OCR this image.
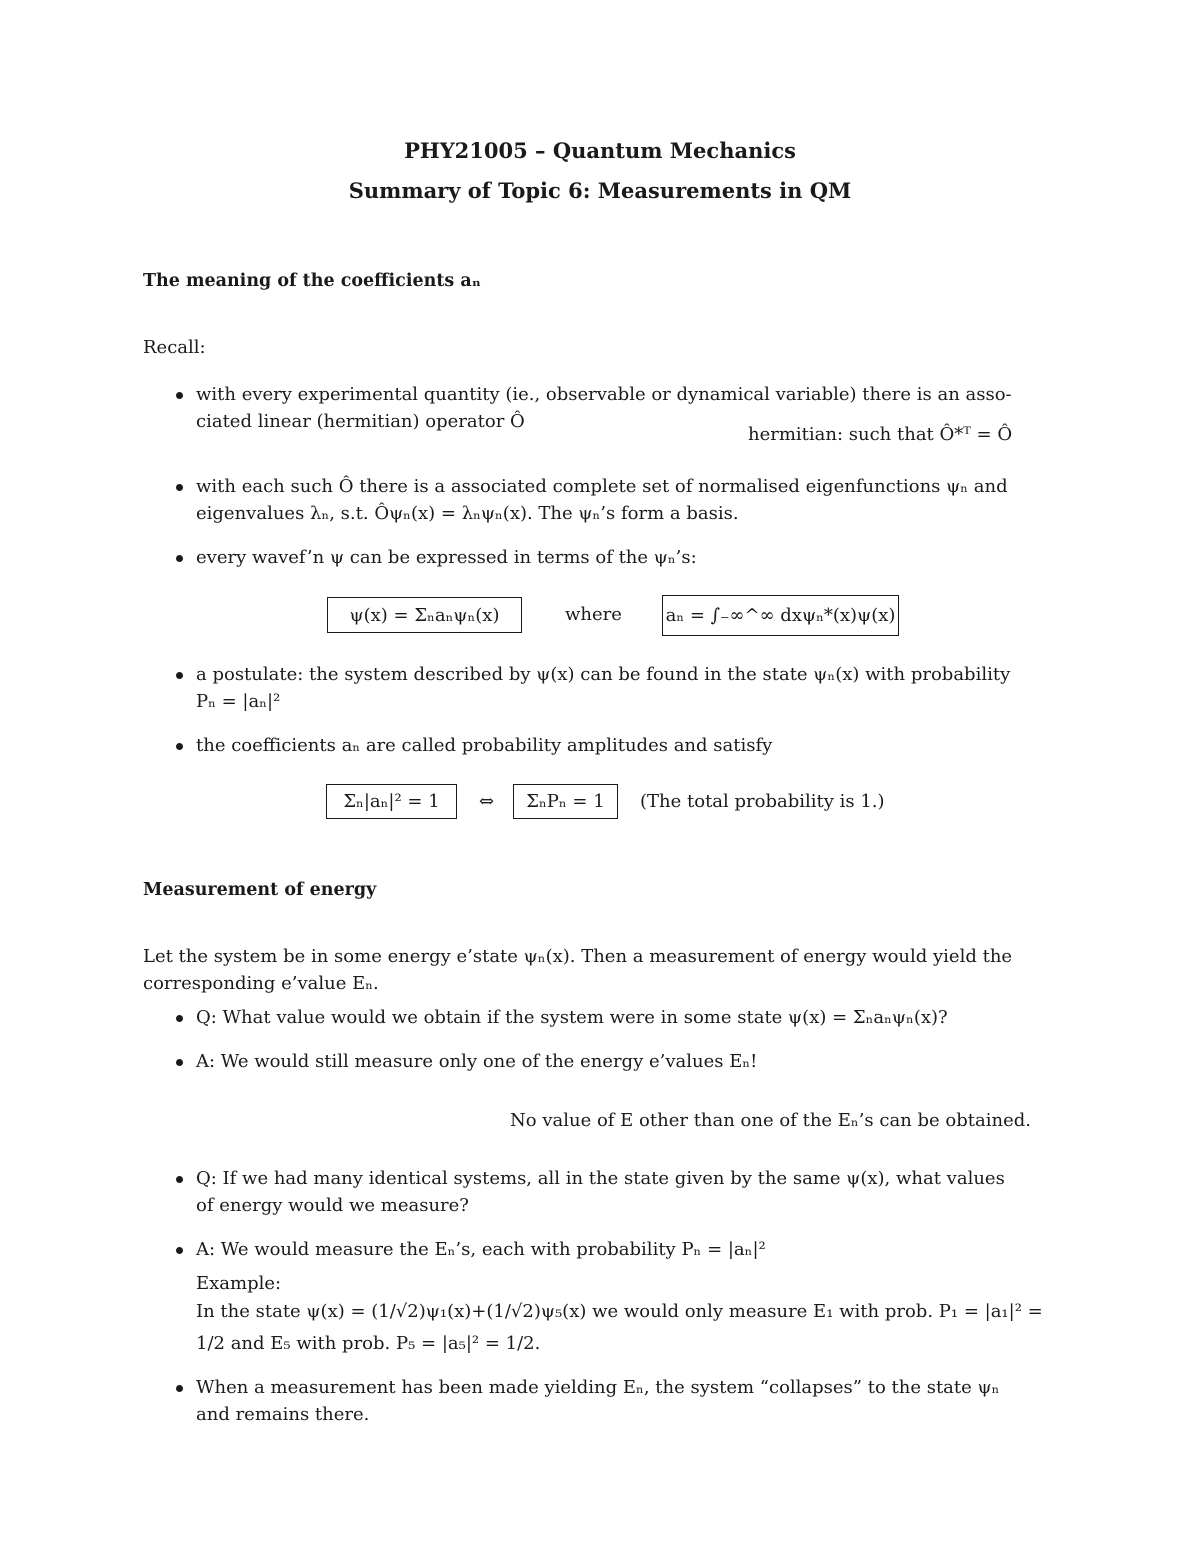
PHY21005 – Quantum Mechanics
Summary of Topic 6: Measurements in QM
The meaning of the coefficients aₙ
Recall:
with every experimental quantity (ie., observable or dynamical variable) there is an asso-
ciated linear (hermitian) operator Ô
hermitian: such that Ô*ᵀ = Ô
with each such Ô there is a associated complete set of normalised eigenfunctions ψₙ and
eigenvalues λₙ, s.t. Ôψₙ(x) = λₙψₙ(x). The ψₙ’s form a basis.
every wavef’n ψ can be expressed in terms of the ψₙ’s:
ψ(x) = Σₙaₙψₙ(x)	where aₙ = ∫₋∞^∞ dxψₙ*(x)ψ(x)
a postulate: the system described by ψ(x) can be found in the state ψₙ(x) with probability
Pₙ = |aₙ|²
the coefficients aₙ are called probability amplitudes and satisfy
Σₙ|aₙ|² = 1	⇔	ΣₙPₙ = 1	(The total probability is 1.)
Measurement of energy
Let the system be in some energy e’state ψₙ(x). Then a measurement of energy would yield the
corresponding e’value Eₙ.
Q: What value would we obtain if the system were in some state ψ(x) = Σₙaₙψₙ(x)?
A: We would still measure only one of the energy e’values Eₙ!
No value of E other than one of the Eₙ’s can be obtained.
Q: If we had many identical systems, all in the state given by the same ψ(x), what values
of energy would we measure?
A: We would measure the Eₙ’s, each with probability Pₙ = |aₙ|²
Example:
In the state ψ(x) = (1/√2)ψ₁(x)+(1/√2)ψ₅(x) we would only measure E₁ with prob. P₁ = |a₁|² =
1/2 and E₅ with prob. P₅ = |a₅|² = 1/2.
When a measurement has been made yielding Eₙ, the system “collapses” to the state ψₙ
and remains there.
